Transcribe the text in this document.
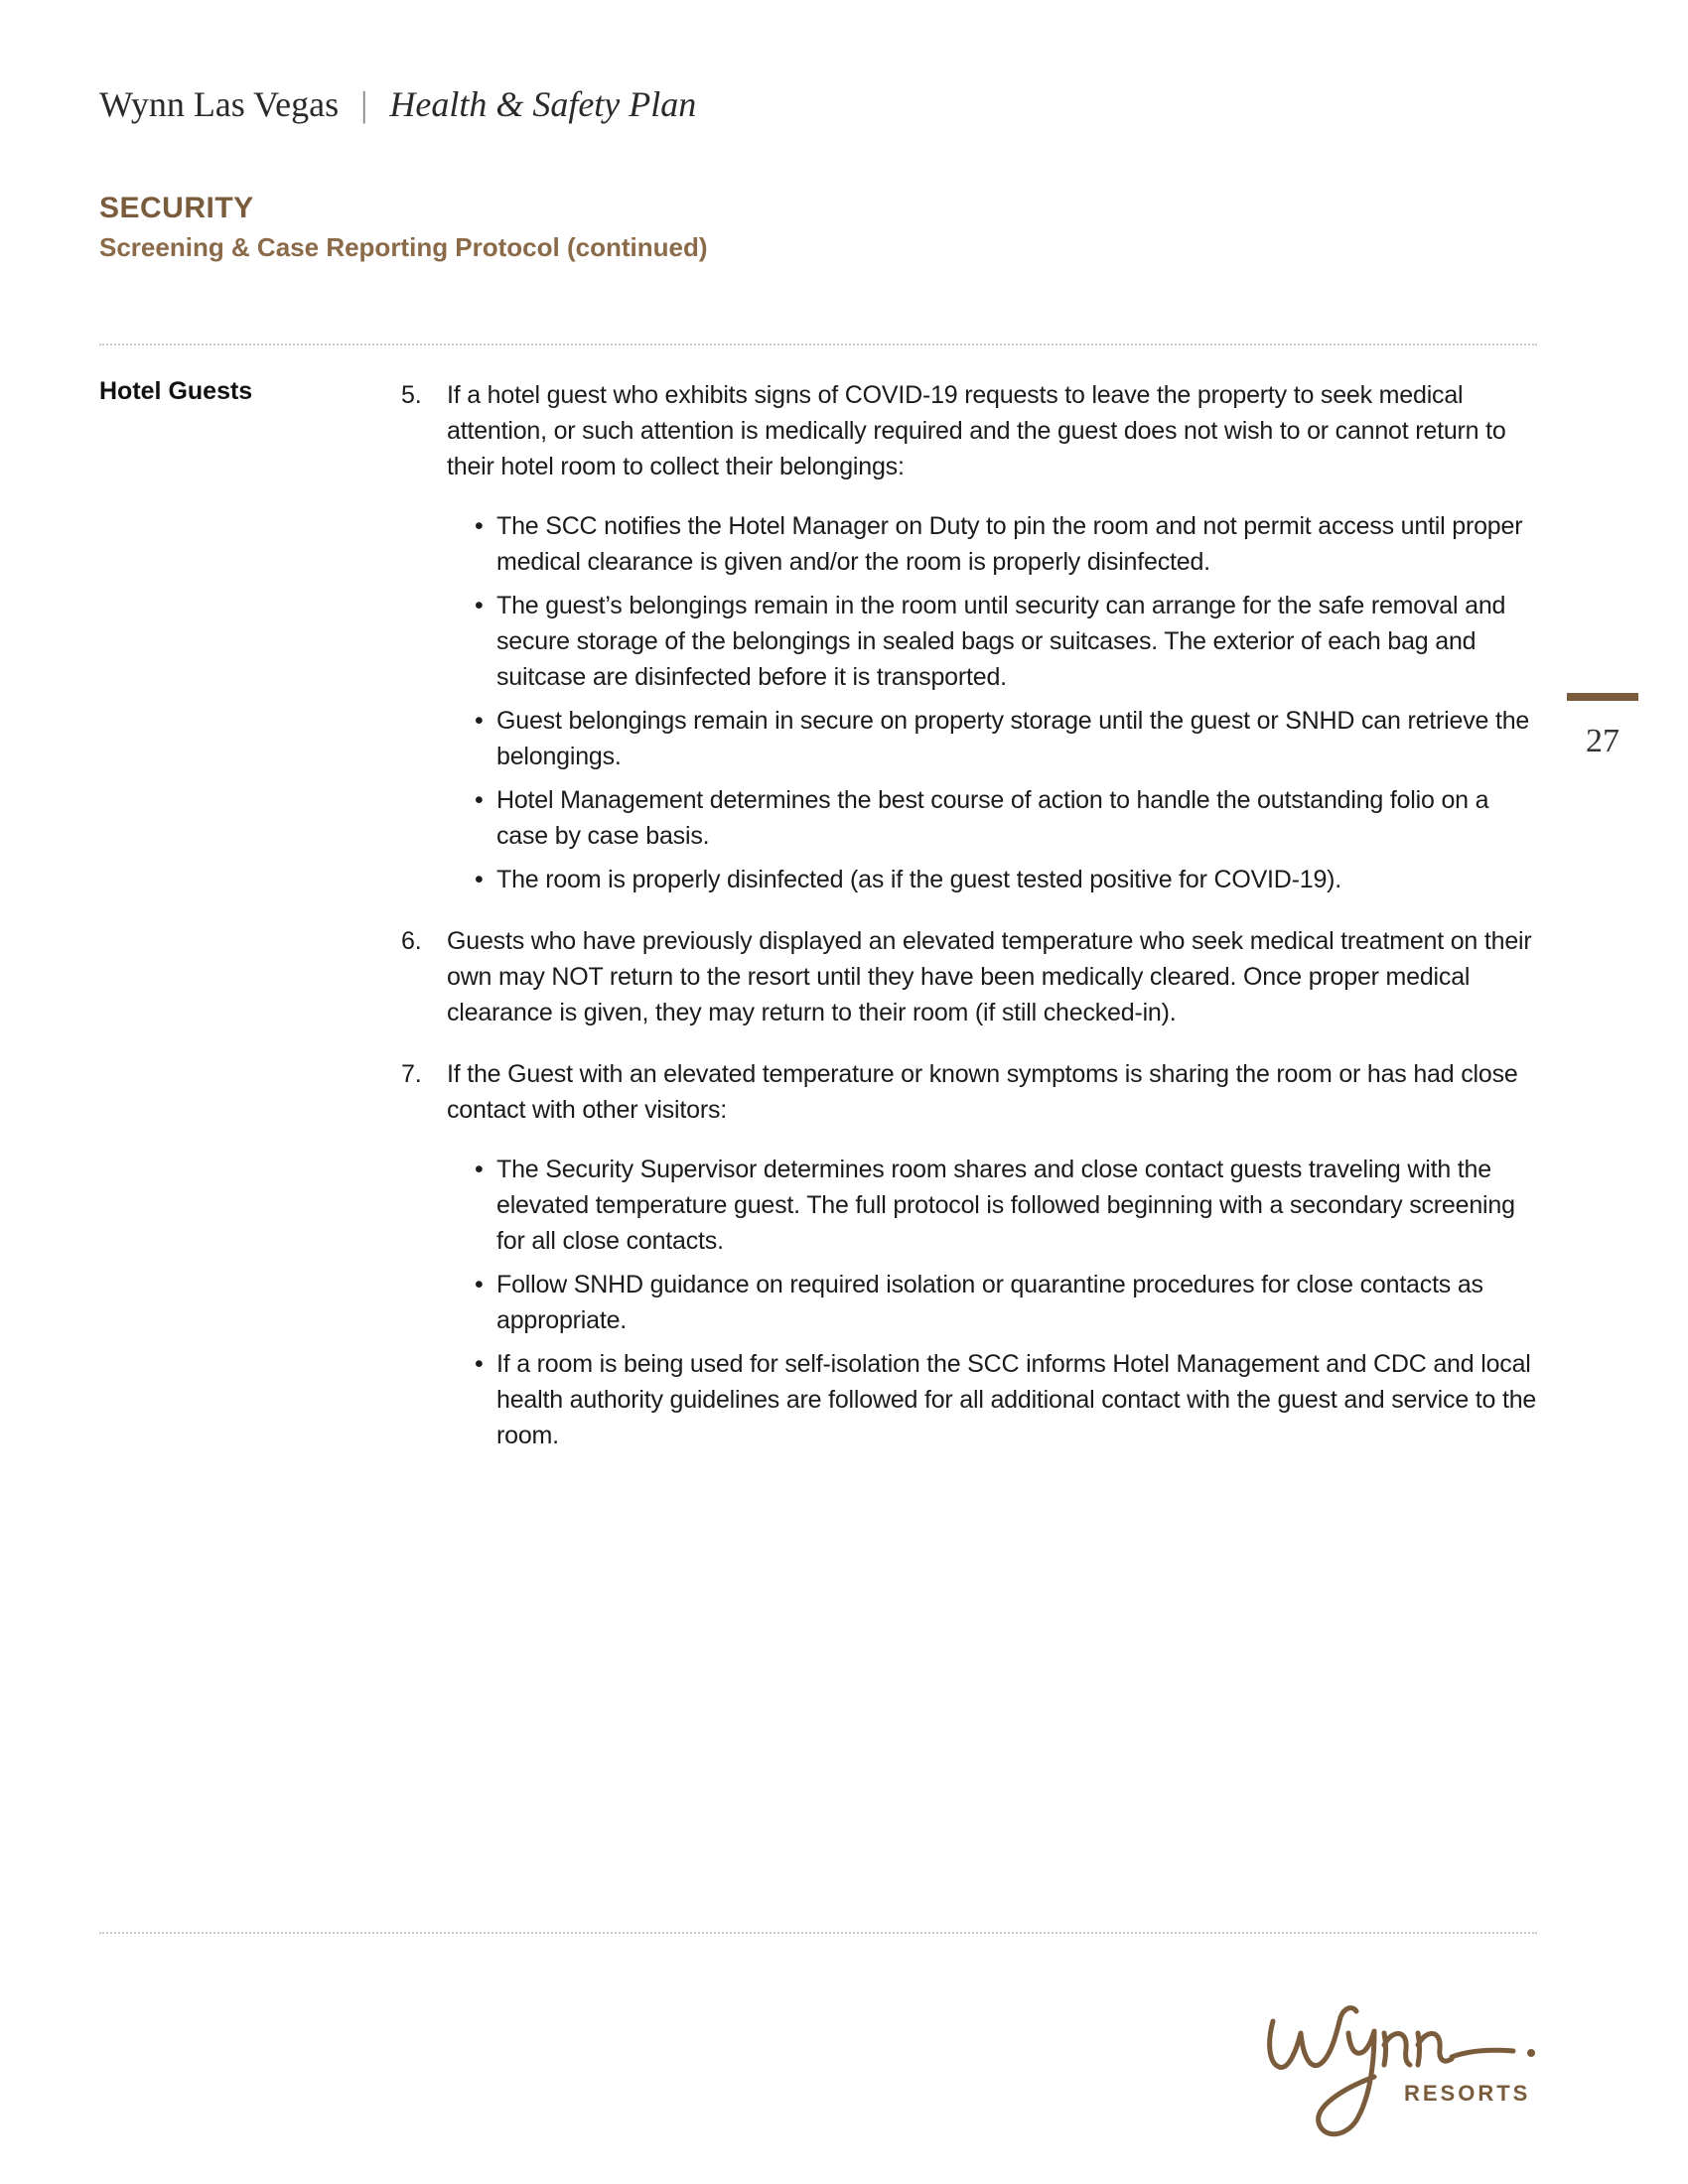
Wynn Las Vegas | Health & Safety Plan
SECURITY
Screening & Case Reporting Protocol (continued)
Hotel Guests	5. If a hotel guest who exhibits signs of COVID-19 requests to leave the property to seek medical attention, or such attention is medically required and the guest does not wish to or cannot return to their hotel room to collect their belongings:
• The SCC notifies the Hotel Manager on Duty to pin the room and not permit access until proper medical clearance is given and/or the room is properly disinfected.
• The guest’s belongings remain in the room until security can arrange for the safe removal and secure storage of the belongings in sealed bags or suitcases. The exterior of each bag and suitcase are disinfected before it is transported.
• Guest belongings remain in secure on property storage until the guest or SNHD can retrieve the belongings.
• Hotel Management determines the best course of action to handle the outstanding folio on a case by case basis.
• The room is properly disinfected (as if the guest tested positive for COVID-19).
6. Guests who have previously displayed an elevated temperature who seek medical treatment on their own may NOT return to the resort until they have been medically cleared. Once proper medical clearance is given, they may return to their room (if still checked-in).
7. If the Guest with an elevated temperature or known symptoms is sharing the room or has had close contact with other visitors:
• The Security Supervisor determines room shares and close contact guests traveling with the elevated temperature guest. The full protocol is followed beginning with a secondary screening for all close contacts.
• Follow SNHD guidance on required isolation or quarantine procedures for close contacts as appropriate.
• If a room is being used for self-isolation the SCC informs Hotel Management and CDC and local health authority guidelines are followed for all additional contact with the guest and service to the room.
27
RESORTS
